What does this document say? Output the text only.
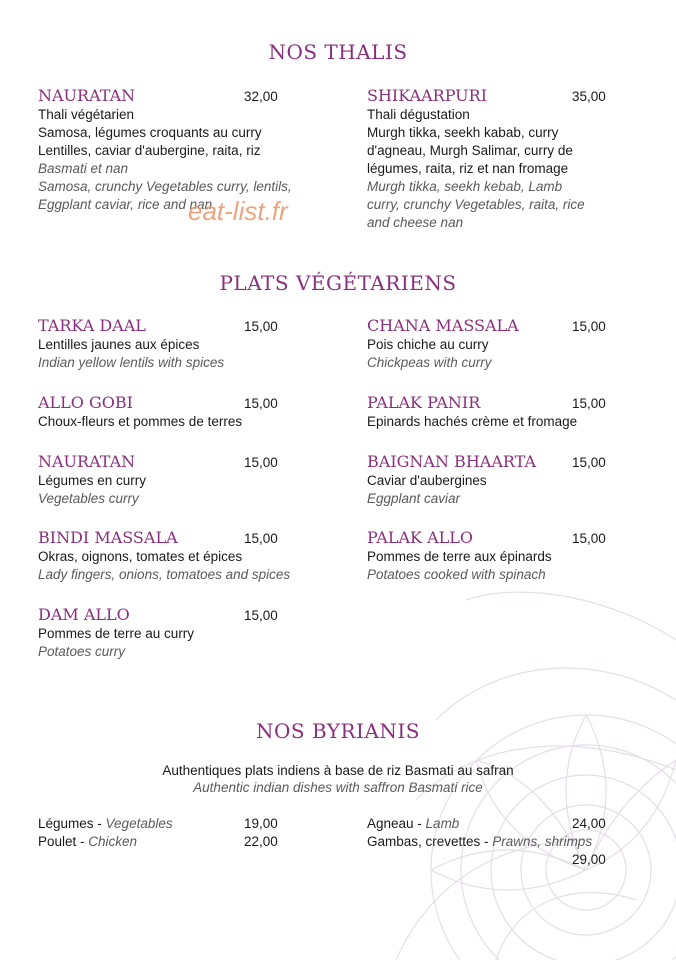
NOS THALIS
NAURATAN	32,00
Thali végétarien
Samosa, légumes croquants au curry
Lentilles, caviar d'aubergine, raita, riz
Basmati et nan
Samosa, crunchy Vegetables curry, lentils,
Eggplant caviar, rice and nan
SHIKAARPURI	35,00
Thali dégustation
Murgh tikka, seekh kabab, curry
d'agneau, Murgh Salimar, curry de
légumes, raita, riz et nan fromage
Murgh tikka, seekh kebab, Lamb
curry, crunchy Vegetables, raita, rice
and cheese nan
eat-list.fr
PLATS VÉGÉTARIENS
TARKA DAAL	15,00
Lentilles jaunes aux épices
Indian yellow lentils with spices
CHANA MASSALA	15,00
Pois chiche au curry
Chickpeas with curry
ALLO GOBI	15,00
Choux-fleurs et pommes de terres
PALAK PANIR	15,00
Epinards hachés crème et fromage
NAURATAN	15,00
Légumes en curry
Vegetables curry
BAIGNAN BHAARTA	15,00
Caviar d'aubergines
Eggplant caviar
BINDI MASSALA	15,00
Okras, oignons, tomates et épices
Lady fingers, onions, tomatoes and spices
PALAK ALLO	15,00
Pommes de terre aux épinards
Potatoes cooked with spinach
DAM ALLO	15,00
Pommes de terre au curry
Potatoes curry
NOS BYRIANIS
Authentiques plats indiens à base de riz Basmati au safran
Authentic indian dishes with saffron Basmati rice
Légumes - Vegetables	19,00
Poulet - Chicken	22,00
Agneau - Lamb	24,00
Gambas, crevettes - Prawns, shrimps
29,00
